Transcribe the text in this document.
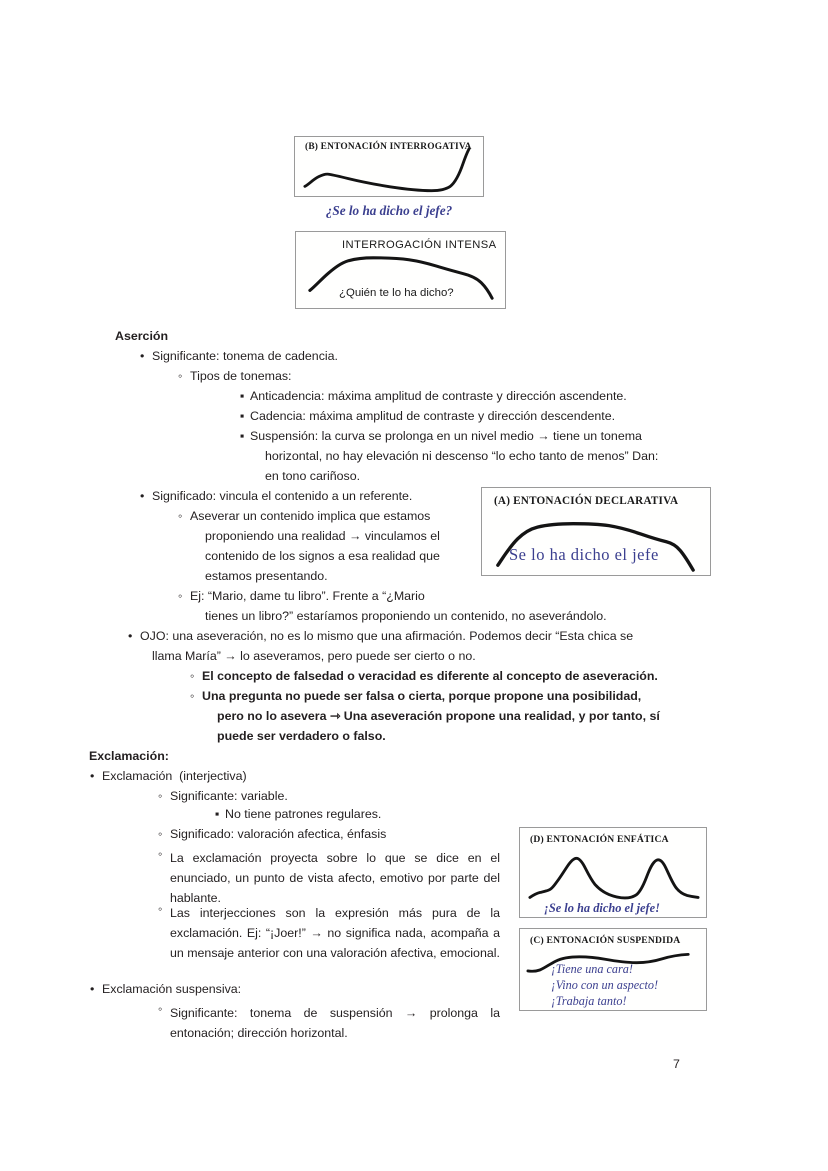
(B) ENTONACIÓN INTERROGATIVA
¿Se lo ha dicho el jefe?
INTERROGACIÓN INTENSA
¿Quién te lo ha dicho?
(A) ENTONACIÓN DECLARATIVA
Se lo ha dicho el jefe
(D) ENTONACIÓN ENFÁTICA
¡Se lo ha dicho el jefe!
(C) ENTONACIÓN SUSPENDIDA
¡Tiene una cara!
¡Vino con un aspecto!
¡Trabaja tanto!
Aserción
•
Significante: tonema de cadencia.
◦
Tipos de tonemas:
▪
Anticadencia: máxima amplitud de contraste y dirección ascendente.
▪
Cadencia: máxima amplitud de contraste y dirección descendente.
▪
Suspensión: la curva se prolonga en un nivel medio → tiene un tonema
horizontal, no hay elevación ni descenso “lo echo tanto de menos” Dan:
en tono cariñoso.
•
Significado: vincula el contenido a un referente.
◦
Aseverar un contenido implica que estamos
proponiendo una realidad → vinculamos el
contenido de los signos a esa realidad que
estamos presentando.
◦
Ej: “Mario, dame tu libro”. Frente a “¿Mario
tienes un libro?” estaríamos proponiendo un contenido, no aseverándolo.
•
OJO: una aseveración, no es lo mismo que una afirmación. Podemos decir “Esta chica se
llama María” → lo aseveramos, pero puede ser cierto o no.
◦
El concepto de falsedad o veracidad es diferente al concepto de aseveración.
◦
Una pregunta no puede ser falsa o cierta, porque propone una posibilidad,
pero no lo asevera ⇾ Una aseveración propone una realidad, y por tanto, sí
puede ser verdadero o falso.
Exclamación:
•
Exclamación  (interjectiva)
◦
Significante: variable.
▪
No tiene patrones regulares.
◦
Significado: valoración afectica, énfasis
◦
La exclamación proyecta sobre lo que se dice en el enunciado, un punto de vista afecto, emotivo por parte del hablante.
◦
Las interjecciones son la expresión más pura de la exclamación. Ej: “¡Joer!” → no significa nada, acompaña a un mensaje anterior con una valoración afectiva, emocional.
•
Exclamación suspensiva:
◦
Significante: tonema de suspensión → prolonga la entonación; dirección horizontal.
7
